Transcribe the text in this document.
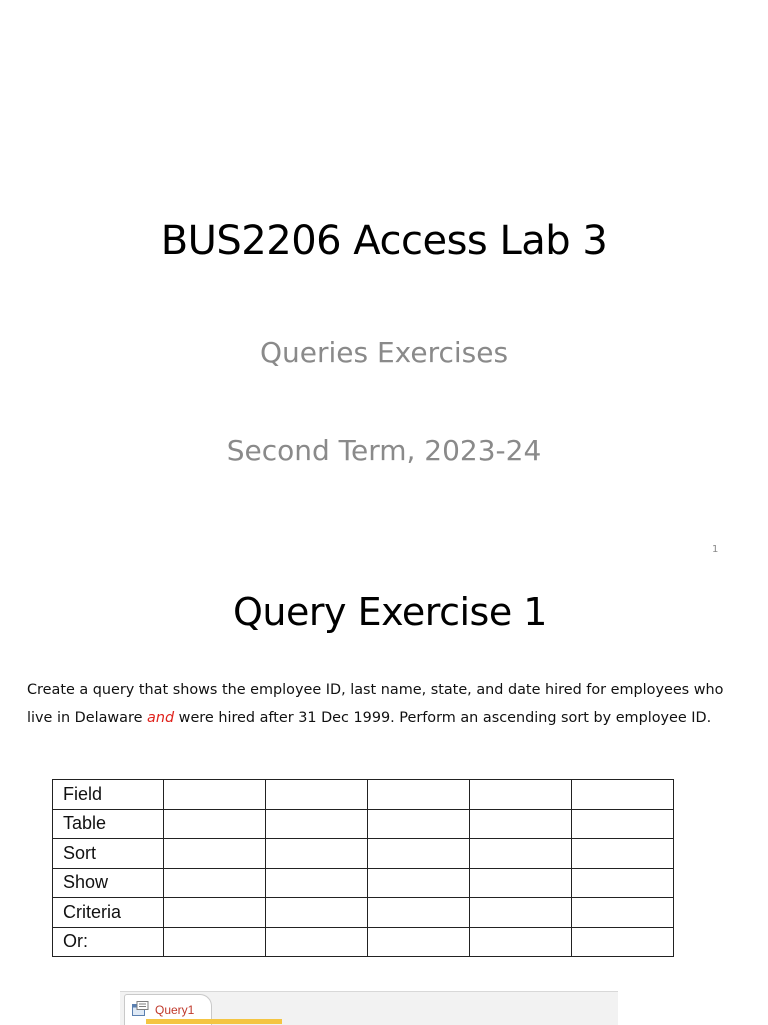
BUS2206 Access Lab 3
Queries Exercises
Second Term, 2023-24
1
Query Exercise 1
Create a query that shows the employee ID, last name, state, and date hired for employees who live in Delaware and were hired after 31 Dec 1999. Perform an ascending sort by employee ID.
Field					
Table					
Sort					
Show					
Criteria					
Or:					
Query1
